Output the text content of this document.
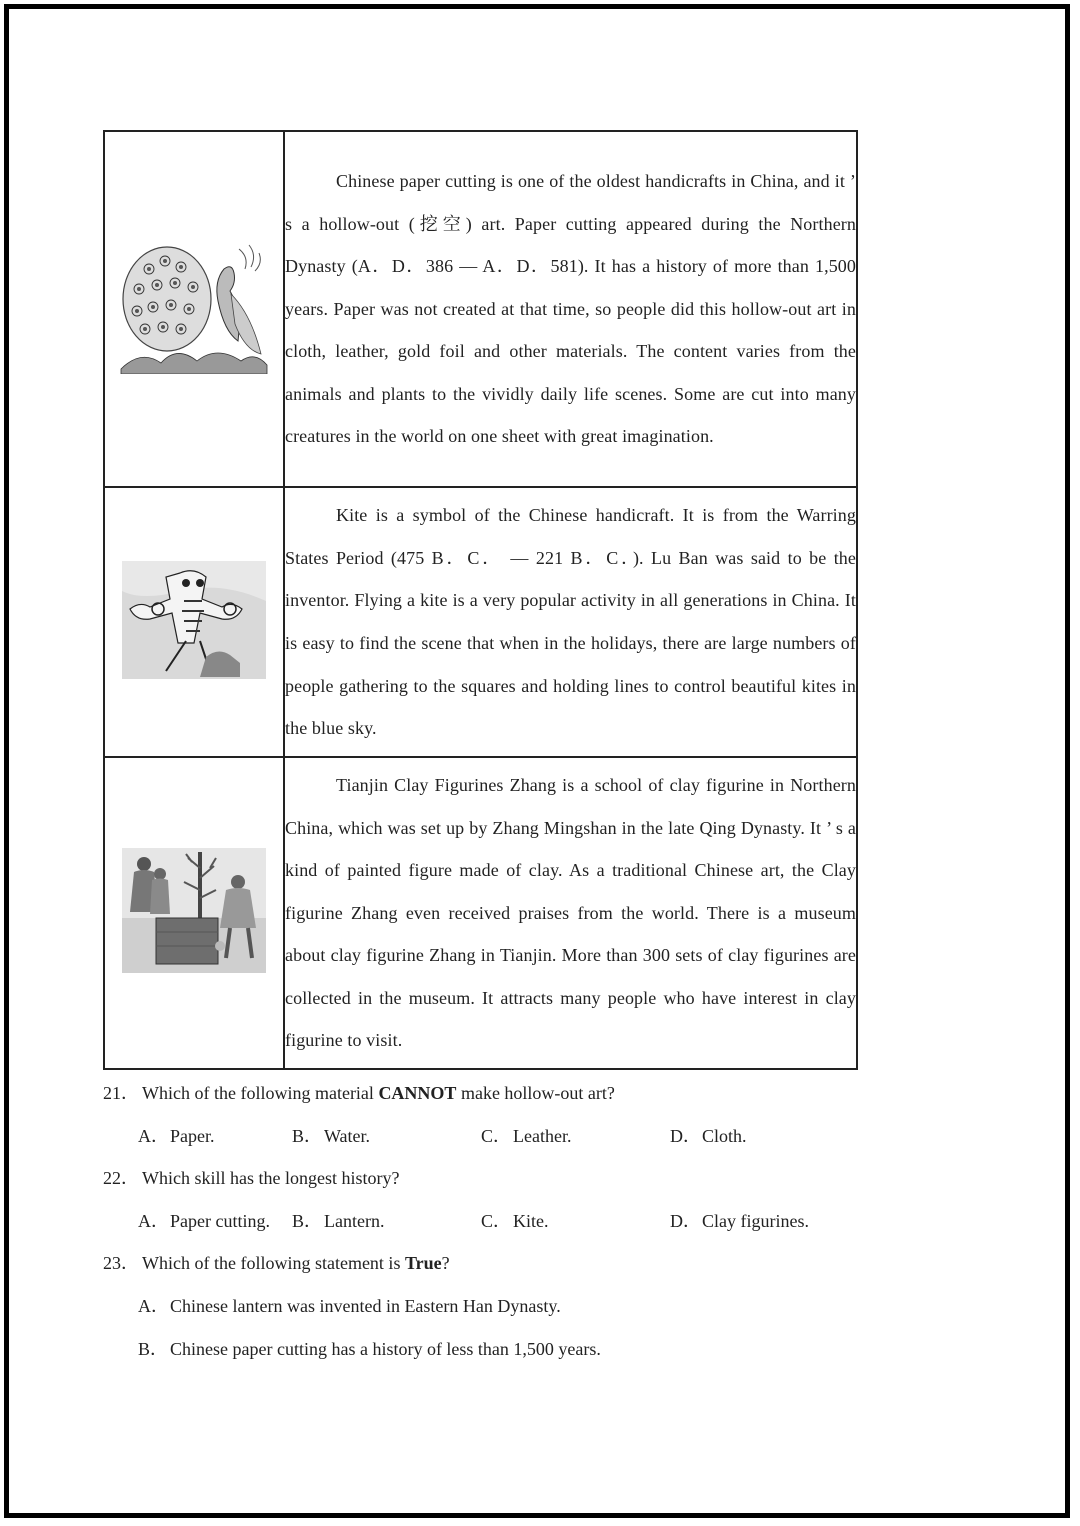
Chinese paper cutting is one of the oldest handicrafts in China, and it ’ s a hollow-out (挖空) art. Paper cutting appeared during the Northern Dynasty (A．D．386 — A．D．581). It has a history of more than 1,500 years. Paper was not created at that time, so people did this hollow-out art in cloth, leather, gold foil and other materials. The content varies from the animals and plants to the vividly daily life scenes. Some are cut into many creatures in the world on one sheet with great imagination.

Kite is a symbol of the Chinese handicraft. It is from the Warring States Period (475 B．C． — 221 B．C．). Lu Ban was said to be the inventor. Flying a kite is a very popular activity in all generations in China. It is easy to find the scene that when in the holidays, there are large numbers of people gathering to the squares and holding lines to control beautiful kites in the blue sky.

Tianjin Clay Figurines Zhang is a school of clay figurine in Northern China, which was set up by Zhang Mingshan in the late Qing Dynasty. It ’ s a kind of painted figure made of clay. As a traditional Chinese art, the Clay figurine Zhang even received praises from the world. There is a museum about clay figurine Zhang in Tianjin. More than 300 sets of clay figurines are collected in the museum. It attracts many people who have interest in clay figurine to visit.

21． Which of the following material CANNOT make hollow-out art?
A．Paper.	B． Water.	C． Leather.	D．Cloth.
22． Which skill has the longest history?
A．Paper cutting. B． Lantern.	C． Kite.	D．Clay figurines.
23． Which of the following statement is True?
A．Chinese lantern was invented in Eastern Han Dynasty.
B． Chinese paper cutting has a history of less than 1,500 years.
